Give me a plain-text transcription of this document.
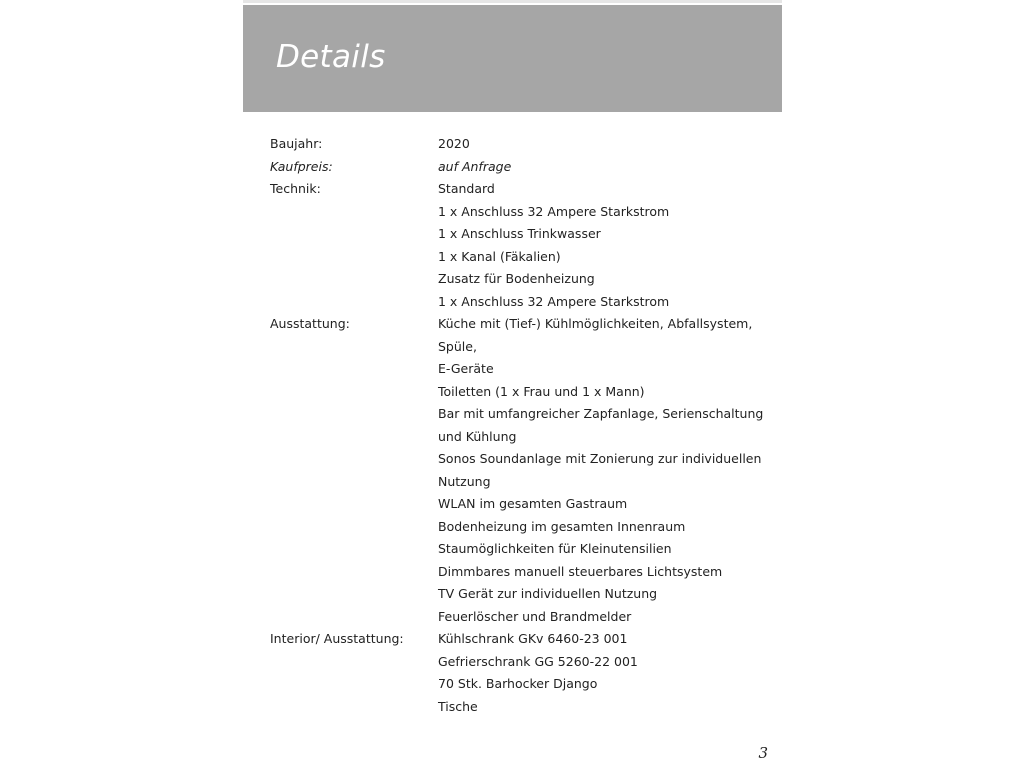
Details
Baujahr:	2020
Kaufpreis:	auf Anfrage
Technik:	Standard
1 x Anschluss 32 Ampere Starkstrom
1 x Anschluss Trinkwasser
1 x Kanal (Fäkalien)
Zusatz für Bodenheizung
1 x Anschluss 32 Ampere Starkstrom
Ausstattung:	Küche mit (Tief-) Kühlmöglichkeiten, Abfallsystem,
Spüle,
E-Geräte
Toiletten (1 x Frau und 1 x Mann)
Bar mit umfangreicher Zapfanlage, Serienschaltung
und Kühlung
Sonos Soundanlage mit Zonierung zur individuellen
Nutzung
WLAN im gesamten Gastraum
Bodenheizung im gesamten Innenraum
Staumöglichkeiten für Kleinutensilien
Dimmbares manuell steuerbares Lichtsystem
TV Gerät zur individuellen Nutzung
Feuerlöscher und Brandmelder
Interior/ Ausstattung:	Kühlschrank GKv 6460-23 001
Gefrierschrank GG 5260-22 001
70 Stk. Barhocker Django
Tische
3
